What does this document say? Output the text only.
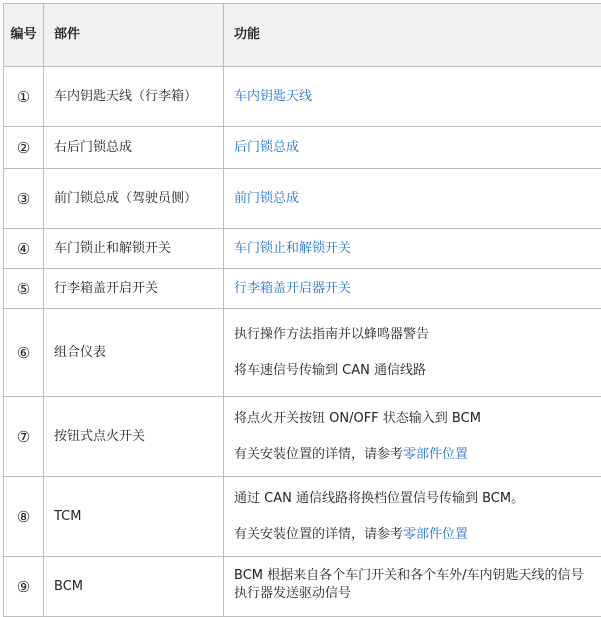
编号	部件	功能
①	车内钥匙天线（行李箱）	车内钥匙天线

②	右后门锁总成	后门锁总成

③	前门锁总成（驾驶员侧）	前门锁总成

④	车门锁止和解锁开关	车门锁止和解锁开关

⑤	行李箱盖开启开关	行李箱盖开启器开关

⑥	组合仪表	执行操作方法指南并以蜂鸣器警告
将车速信号传输到 CAN 通信线路

⑦	按钮式点火开关	将点火开关按钮 ON/OFF 状态输入到 BCM
有关安装位置的详情，请参考零部件位置

⑧	TCM	通过 CAN 通信线路将换档位置信号传输到 BCM。
有关安装位置的详情，请参考零部件位置

⑨	BCM	BCM 根据来自各个车门开关和各个车外/车内钥匙天线的信号
执行器发送驱动信号
